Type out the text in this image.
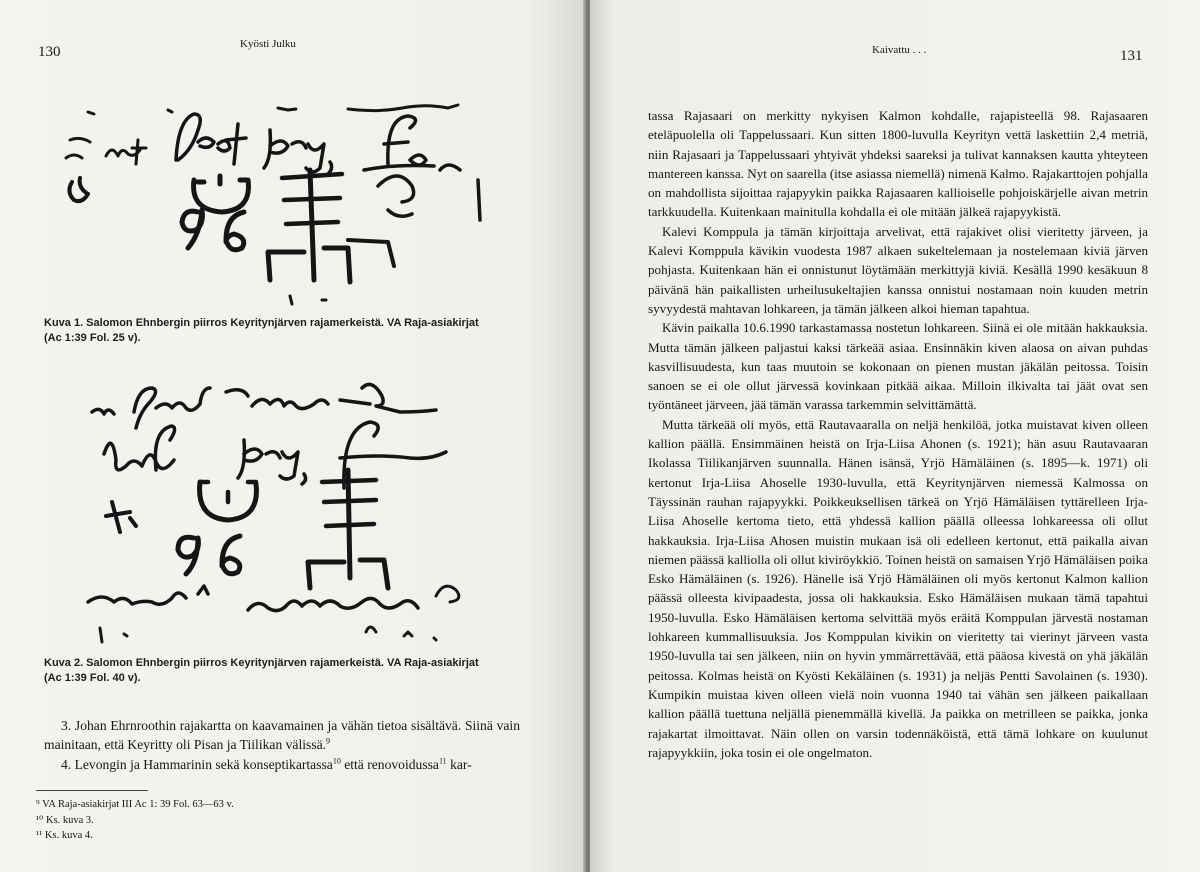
130	Kyösti Julku
Kuva 1. Salomon Ehnbergin piirros Keyritynjärven rajamerkeistä. VA Raja-asiakirjat
(Ac 1:39 Fol. 25 v).
Kuva 2. Salomon Ehnbergin piirros Keyritynjärven rajamerkeistä. VA Raja-asiakirjat
(Ac 1:39 Fol. 40 v).

3. Johan Ehrnroothin rajakartta on kaavamainen ja vähän tietoa sisältävä. Siinä vain mainitaan, että Keyritty oli Pisan ja Tiilikan välissä.$^9$

4. Levongin ja Hammarinin sekä konseptikartassa$^{10}$ että renovoidussa$^{11}$ kar-

⁹ VA Raja-asiakirjat III Ac 1: 39 Fol. 63—63 v.
¹⁰ Ks. kuva 3.
¹¹ Ks. kuva 4.
Kaivattu . . .	131

tassa Rajasaari on merkitty nykyisen Kalmon kohdalle, rajapisteellä 98. Rajasaaren eteläpuolella oli Tappelussaari. Kun sitten 1800-luvulla Keyrityn vettä laskettiin 2,4 metriä, niin Rajasaari ja Tappelussaari yhtyivät yhdeksi saareksi ja tulivat kannaksen kautta yhteyteen mantereen kanssa. Nyt on saarella (itse asiassa niemellä) nimenä Kalmo. Rajakarttojen pohjalla on mahdollista sijoittaa rajapyykin paikka Rajasaaren kallioiselle pohjoiskärjelle aivan metrin tarkkuudella. Kuitenkaan mainitulla kohdalla ei ole mitään jälkeä rajapyykistä.

Kalevi Komppula ja tämän kirjoittaja arvelivat, että rajakivet olisi vieritetty järveen, ja Kalevi Komppula kävikin vuodesta 1987 alkaen sukeltelemaan ja nostelemaan kiviä järven pohjasta. Kuitenkaan hän ei onnistunut löytämään merkittyjä kiviä. Kesällä 1990 kesäkuun 8 päivänä hän paikallisten urheilusukeltajien kanssa onnistui nostamaan noin kuuden metrin syvyydestä mahtavan lohkareen, ja tämän jälkeen alkoi hieman tapahtua.

Kävin paikalla 10.6.1990 tarkastamassa nostetun lohkareen. Siinä ei ole mitään hakkauksia. Mutta tämän jälkeen paljastui kaksi tärkeää asiaa. Ensinnäkin kiven alaosa on aivan puhdas kasvillisuudesta, kun taas muutoin se kokonaan on pienen mustan jäkälän peitossa. Toisin sanoen se ei ole ollut järvessä kovinkaan pitkää aikaa. Milloin ilkivalta tai jäät ovat sen työntäneet järveen, jää tämän varassa tarkemmin selvittämättä.

Mutta tärkeää oli myös, että Rautavaaralla on neljä henkilöä, jotka muistavat kiven olleen kallion päällä. Ensimmäinen heistä on Irja-Liisa Ahonen (s. 1921); hän asuu Rautavaaran Ikolassa Tiilikanjärven suunnalla. Hänen isänsä, Yrjö Hämäläinen (s. 1895—k. 1971) oli kertonut Irja-Liisa Ahoselle 1930-luvulla, että Keyritynjärven niemessä Kalmossa on Täyssinän rauhan rajapyykki. Poikkeuksellisen tärkeä on Yrjö Hämäläisen tyttärelleen Irja-Liisa Ahoselle kertoma tieto, että yhdessä kallion päällä olleessa lohkareessa oli ollut hakkauksia. Irja-Liisa Ahosen muistin mukaan isä oli edelleen kertonut, että paikalla aivan niemen päässä kalliolla oli ollut kiviröykkiö. Toinen heistä on samaisen Yrjö Hämäläisen poika Esko Hämäläinen (s. 1926). Hänelle isä Yrjö Hämäläinen oli myös kertonut Kalmon kallion päässä olleesta kivipaadesta, jossa oli hakkauksia. Esko Hämäläisen mukaan tämä tapahtui 1950-luvulla. Esko Hämäläisen kertoma selvittää myös eräitä Komppulan järvestä nostaman lohkareen kummallisuuksia. Jos Komppulan kivikin on vieritetty tai vierinyt järveen vasta 1950-luvulla tai sen jälkeen, niin on hyvin ymmärrettävää, että pääosa kivestä on yhä jäkälän peitossa. Kolmas heistä on Kyösti Kekäläinen (s. 1931) ja neljäs Pentti Savolainen (s. 1930). Kumpikin muistaa kiven olleen vielä noin vuonna 1940 tai vähän sen jälkeen paikallaan kallion päällä tuettuna neljällä pienemmällä kivellä. Ja paikka on metrilleen se paikka, jonka rajakartat ilmoittavat. Näin ollen on varsin todennäköistä, että tämä lohkare on kuulunut rajapyykkiin, joka tosin ei ole ongelmaton.
